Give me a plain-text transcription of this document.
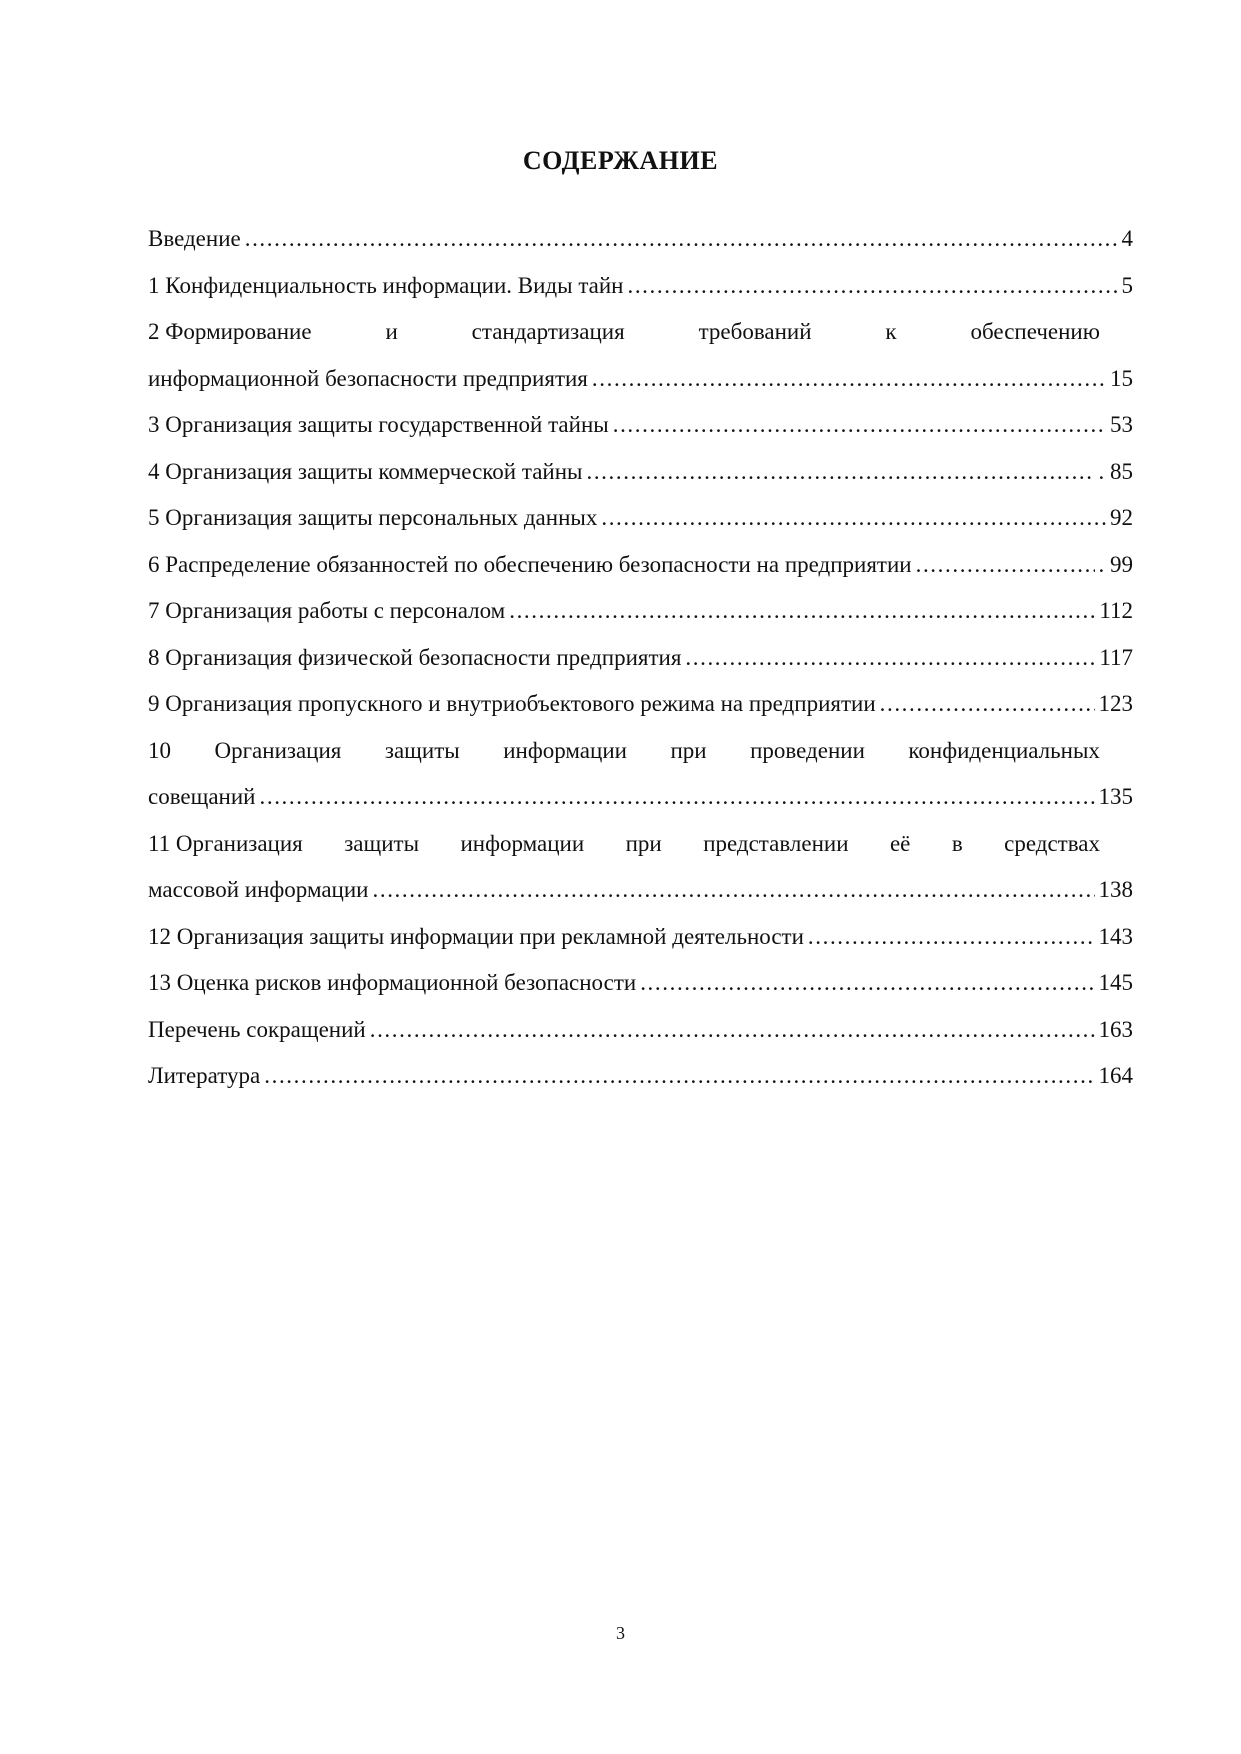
СОДЕРЖАНИЕ
Введение .....	4
1 Конфиденциальность информации. Виды тайн .....	5
2 Формирование	и	стандартизация	требований	к	обеспечению
информационной безопасности предприятия .....	15
3 Организация защиты государственной тайны .....	53
4 Организация защиты коммерческой тайны .....	. 85
5 Организация защиты персональных данных .....	92
6 Распределение обязанностей по обеспечению безопасности на предприятии .....	. 99
7 Организация работы с персоналом .....	112
8 Организация физической безопасности предприятия .....	117
9 Организация пропускного и внутриобъектового режима на предприятии .....	123
10 Организация защиты информации при проведении конфиденциальных
совещаний .....	135
11 Организация защиты информации при представлении её в средствах
массовой информации .....	138
12 Организация защиты информации при рекламной деятельности .....	143
13 Оценка рисков информационной безопасности .....	145
Перечень сокращений .....	163
Литература .....	164
3
